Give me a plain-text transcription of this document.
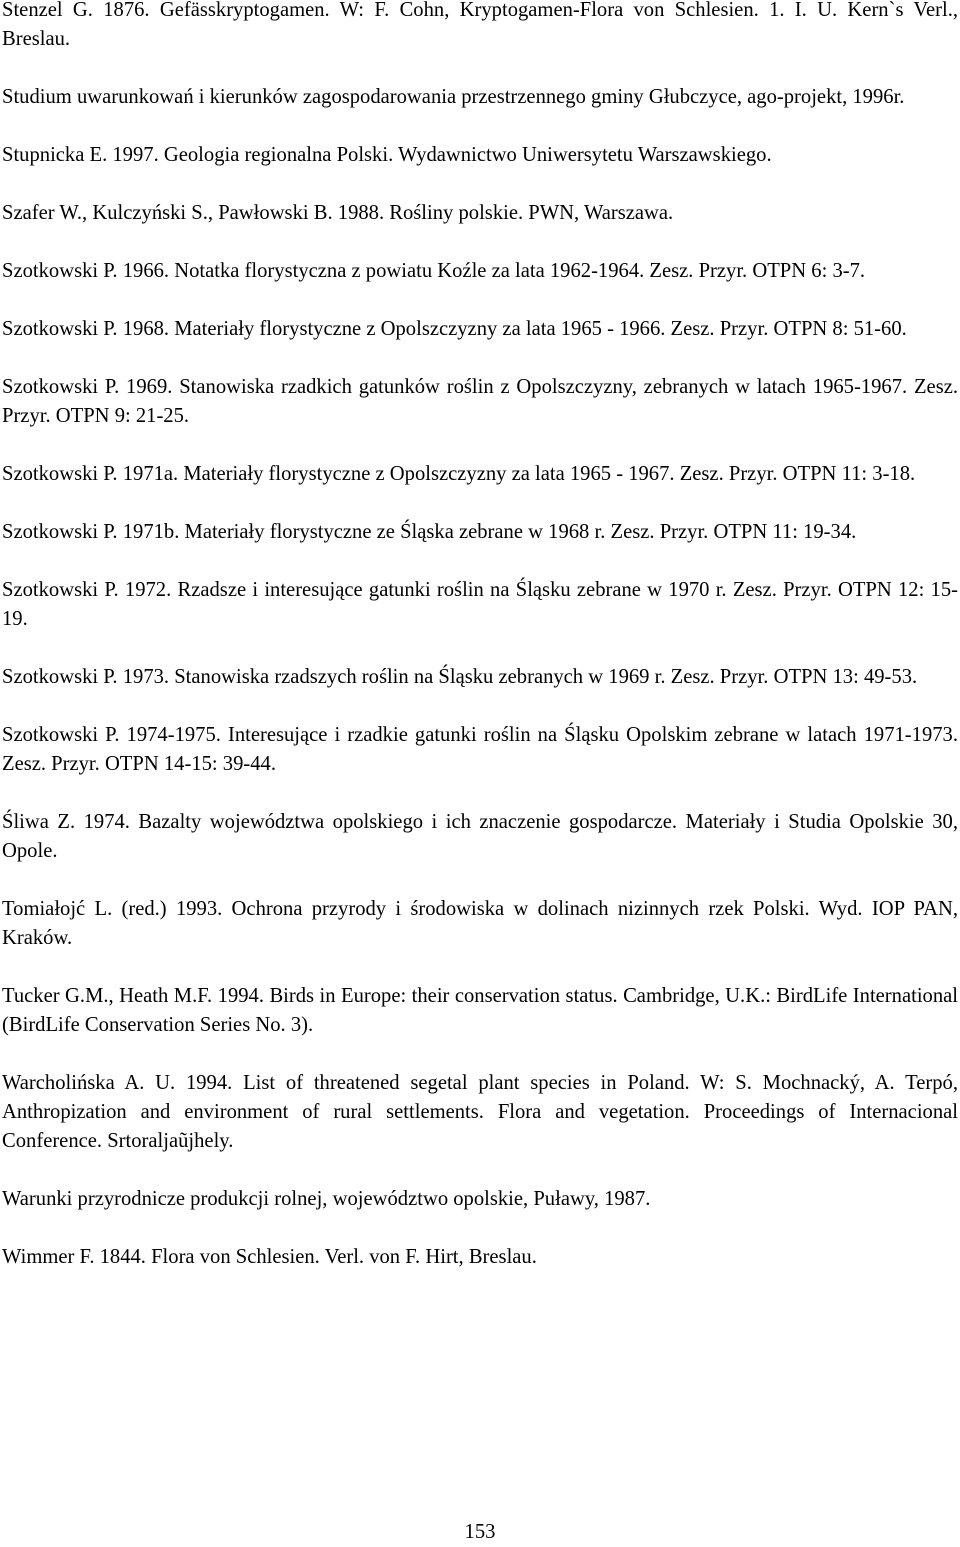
Stenzel G. 1876. Gefässkryptogamen. W: F. Cohn, Kryptogamen-Flora von Schlesien. 1. I. U. Kern`s Verl., Breslau.

Studium uwarunkowań i kierunków zagospodarowania przestrzennego gminy Głubczyce, ago-projekt, 1996r.

Stupnicka E. 1997. Geologia regionalna Polski. Wydawnictwo Uniwersytetu Warszawskiego.

Szafer W., Kulczyński S., Pawłowski B. 1988. Rośliny polskie. PWN, Warszawa.

Szotkowski P. 1966. Notatka florystyczna z powiatu Koźle za lata 1962-1964. Zesz. Przyr. OTPN 6: 3-7.

Szotkowski P. 1968. Materiały florystyczne z Opolszczyzny za lata 1965 - 1966. Zesz. Przyr. OTPN 8: 51-60.

Szotkowski P. 1969. Stanowiska rzadkich gatunków roślin z Opolszczyzny, zebranych w latach 1965-1967. Zesz. Przyr. OTPN 9: 21-25.

Szotkowski P. 1971a. Materiały florystyczne z Opolszczyzny za lata 1965 - 1967. Zesz. Przyr. OTPN 11: 3-18.

Szotkowski P. 1971b. Materiały florystyczne ze Śląska zebrane w 1968 r. Zesz. Przyr. OTPN 11: 19-34.

Szotkowski P. 1972. Rzadsze i interesujące gatunki roślin na Śląsku zebrane w 1970 r. Zesz. Przyr. OTPN 12: 15-19.

Szotkowski P. 1973. Stanowiska rzadszych roślin na Śląsku zebranych w 1969 r. Zesz. Przyr. OTPN 13: 49-53.

Szotkowski P. 1974-1975. Interesujące i rzadkie gatunki roślin na Śląsku Opolskim zebrane w latach 1971-1973. Zesz. Przyr. OTPN 14-15: 39-44.

Śliwa Z. 1974. Bazalty województwa opolskiego i ich znaczenie gospodarcze. Materiały i Studia Opolskie 30, Opole.

Tomiałojć L. (red.) 1993. Ochrona przyrody i środowiska w dolinach nizinnych rzek Polski. Wyd. IOP PAN, Kraków.

Tucker G.M., Heath M.F. 1994. Birds in Europe: their conservation status. Cambridge, U.K.: BirdLife International (BirdLife Conservation Series No. 3).

Warcholińska A. U. 1994. List of threatened segetal plant species in Poland. W: S. Mochnacký, A. Terpó, Anthropization and environment of rural settlements. Flora and vegetation. Proceedings of Internacional Conference. Srtoraljaũjhely.

Warunki przyrodnicze produkcji rolnej, województwo opolskie, Puławy, 1987.

Wimmer F. 1844. Flora von Schlesien. Verl. von F. Hirt, Breslau.

153
